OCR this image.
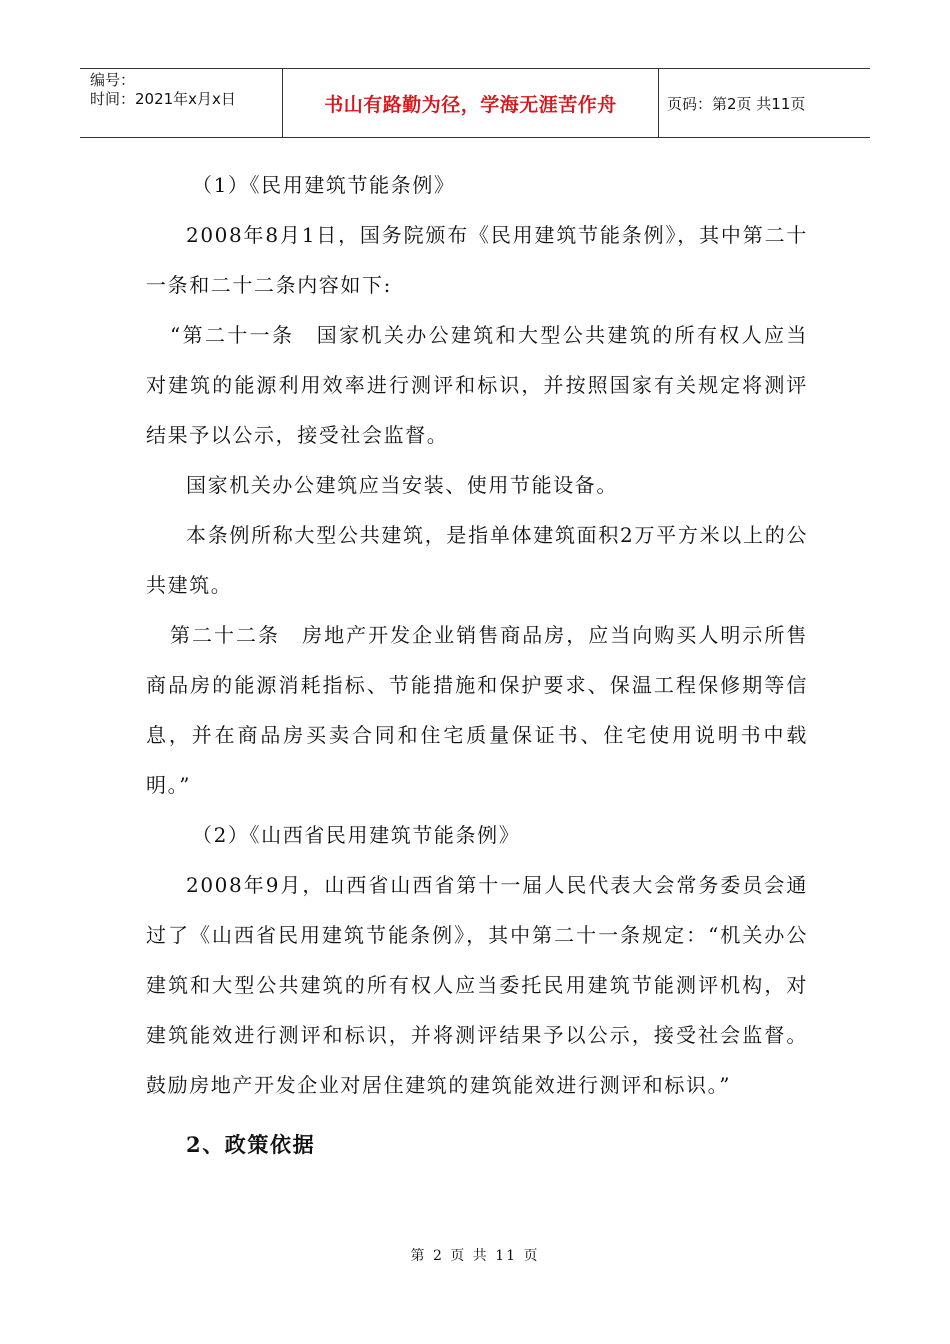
编号：
时间：2021年x月x日	书山有路勤为径，学海无涯苦作舟	页码：第2页 共11页

（1）《民用建筑节能条例》

2008年8月1日，国务院颁布《民用建筑节能条例》，其中第二十一条和二十二条内容如下:

“第二十一条　国家机关办公建筑和大型公共建筑的所有权人应当对建筑的能源利用效率进行测评和标识，并按照国家有关规定将测评结果予以公示，接受社会监督。

国家机关办公建筑应当安装、使用节能设备。

本条例所称大型公共建筑，是指单体建筑面积2万平方米以上的公共建筑。

第二十二条　房地产开发企业销售商品房，应当向购买人明示所售商品房的能源消耗指标、节能措施和保护要求、保温工程保修期等信息，并在商品房买卖合同和住宅质量保证书、住宅使用说明书中载明。”

（2）《山西省民用建筑节能条例》

2008年9月，山西省山西省第十一届人民代表大会常务委员会通过了《山西省民用建筑节能条例》，其中第二十一条规定：“机关办公建筑和大型公共建筑的所有权人应当委托民用建筑节能测评机构，对建筑能效进行测评和标识，并将测评结果予以公示，接受社会监督。鼓励房地产开发企业对居住建筑的建筑能效进行测评和标识。”

2、政策依据

第 2 页 共 11 页
